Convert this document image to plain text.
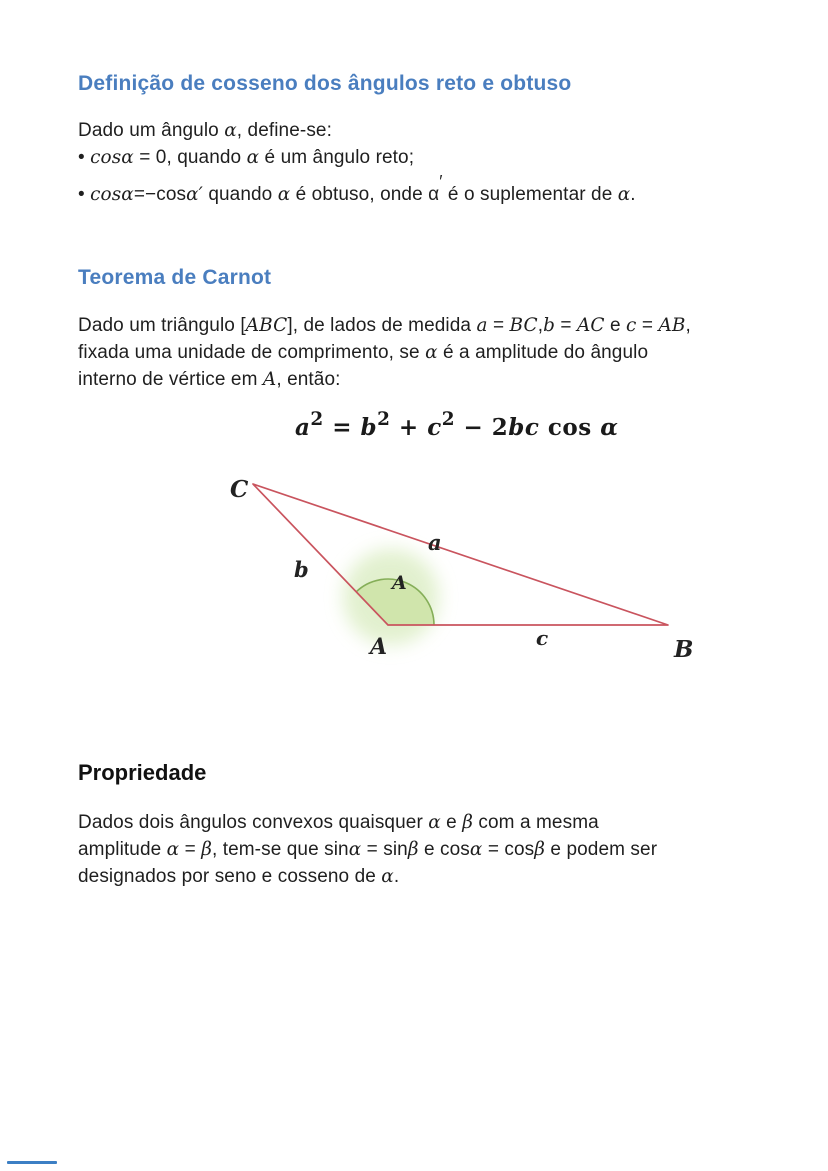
Definição de cosseno dos ângulos reto e obtuso
Dado um ângulo α, define-se:
• cosα = 0, quando α é um ângulo reto;
• cosα=−cosα′ quando α é obtuso, onde α′ é o suplementar de α.
Teorema de Carnot
Dado um triângulo [ABC], de lados de medida a = BC,b = AC e c = AB,
fixada uma unidade de comprimento, se α é a amplitude do ângulo
interno de vértice em A, então:
$a^2 = b^2 + c^2 - 2bc$ cos α
C
a
b
A
A	c	B
Propriedade
Dados dois ângulos convexos quaisquer α e β com a mesma
amplitude α = β, tem-se que sinα = sinβ e cosα = cosβ e podem ser
designados por seno e cosseno de α.
